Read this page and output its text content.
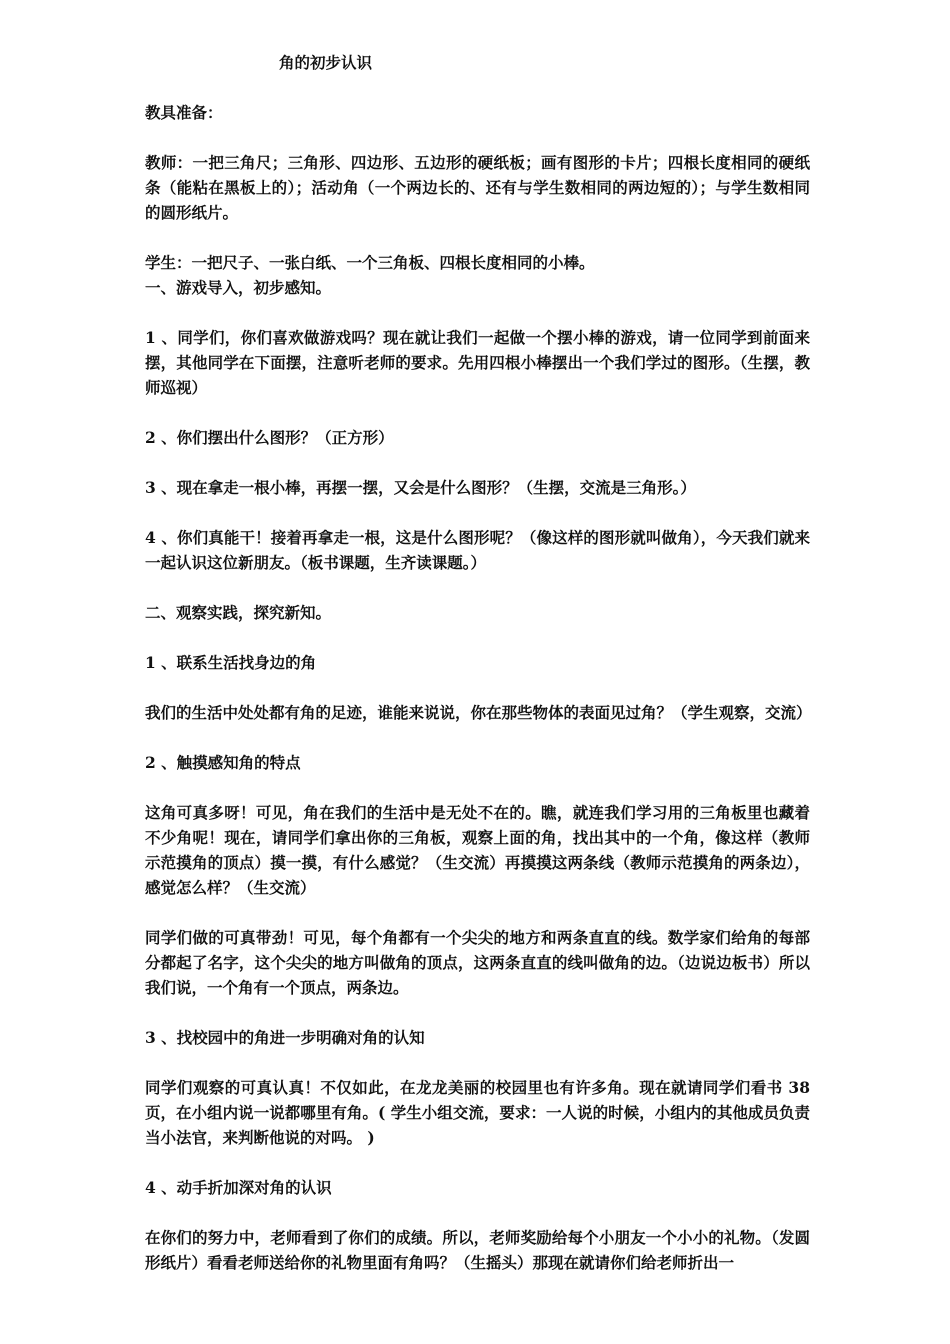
角的初步认识

教具准备：

教师：一把三角尺；三角形、四边形、五边形的硬纸板；画有图形的卡片；四根长度相同的硬纸条（能粘在黑板上的）；活动角（一个两边长的、还有与学生数相同的两边短的）；与学生数相同的圆形纸片。

学生：一把尺子、一张白纸、一个三角板、四根长度相同的小棒。

一、游戏导入，初步感知。

1 、同学们，你们喜欢做游戏吗？现在就让我们一起做一个摆小棒的游戏，请一位同学到前面来摆，其他同学在下面摆，注意听老师的要求。先用四根小棒摆出一个我们学过的图形。（生摆，教师巡视）

2 、你们摆出什么图形？（正方形）

3 、现在拿走一根小棒，再摆一摆，又会是什么图形？（生摆，交流是三角形。）

4 、你们真能干！接着再拿走一根，这是什么图形呢？（像这样的图形就叫做角），今天我们就来一起认识这位新朋友。（板书课题，生齐读课题。）

二、观察实践，探究新知。

1 、联系生活找身边的角

我们的生活中处处都有角的足迹，谁能来说说，你在那些物体的表面见过角？（学生观察，交流）

2 、触摸感知角的特点

这角可真多呀！可见，角在我们的生活中是无处不在的。瞧，就连我们学习用的三角板里也藏着不少角呢！现在，请同学们拿出你的三角板，观察上面的角，找出其中的一个角，像这样（教师示范摸角的顶点）摸一摸，有什么感觉？（生交流）再摸摸这两条线（教师示范摸角的两条边），感觉怎么样？（生交流）

同学们做的可真带劲！可见，每个角都有一个尖尖的地方和两条直直的线。数学家们给角的每部分都起了名字，这个尖尖的地方叫做角的顶点，这两条直直的线叫做角的边。（边说边板书）所以我们说，一个角有一个顶点，两条边。

3 、找校园中的角进一步明确对角的认知

同学们观察的可真认真！不仅如此，在龙龙美丽的校园里也有许多角。现在就请同学们看书 38 页，在小组内说一说都哪里有角。( 学生小组交流，要求：一人说的时候，小组内的其他成员负责当小法官，来判断他说的对吗。 )

4 、动手折加深对角的认识

在你们的努力中，老师看到了你们的成绩。所以，老师奖励给每个小朋友一个小小的礼物。（发圆形纸片）看看老师送给你的礼物里面有角吗？（生摇头）那现在就请你们给老师折出一
